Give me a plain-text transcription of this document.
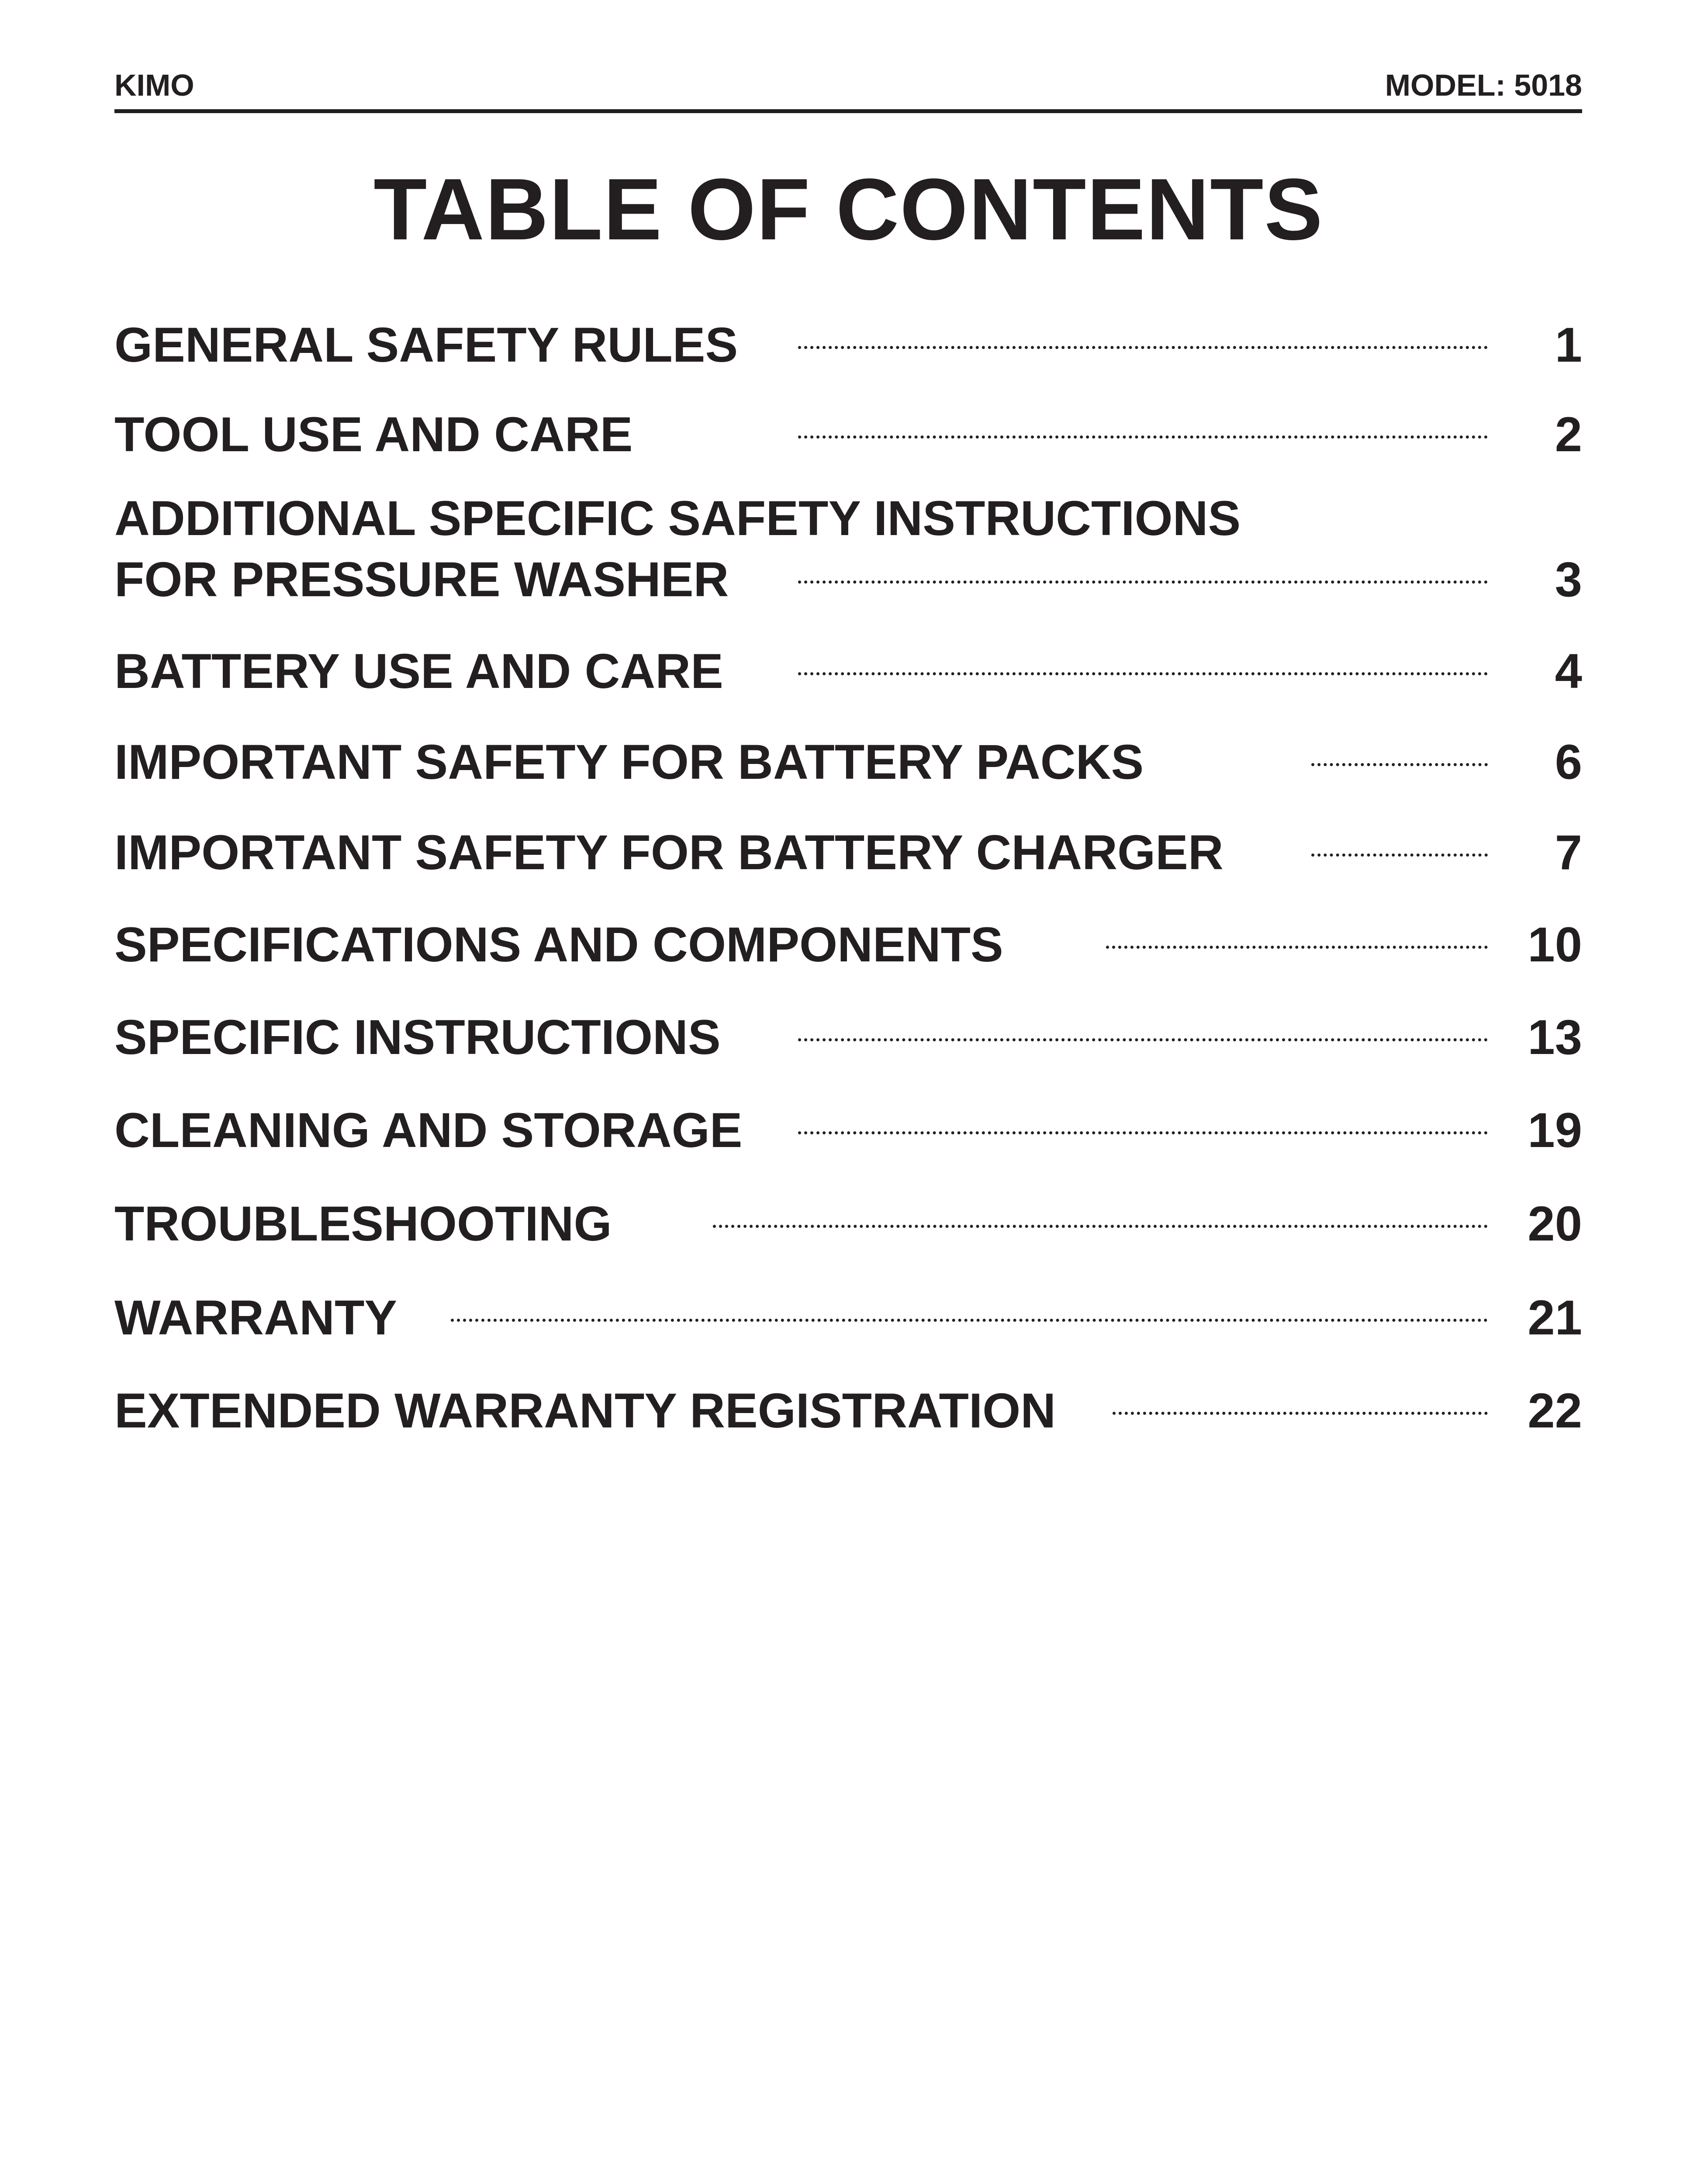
KIMO	MODEL: 5018
TABLE OF CONTENTS
GENERAL SAFETY RULES	1
TOOL USE AND CARE	2
ADDITIONAL SPECIFIC SAFETY INSTRUCTIONS
FOR PRESSURE WASHER	3
BATTERY USE AND CARE	4
IMPORTANT SAFETY FOR BATTERY PACKS	6
IMPORTANT SAFETY FOR BATTERY CHARGER	7
SPECIFICATIONS AND COMPONENTS	10
SPECIFIC INSTRUCTIONS	13
CLEANING AND STORAGE	19
TROUBLESHOOTING	20
WARRANTY	21
EXTENDED WARRANTY REGISTRATION	22
